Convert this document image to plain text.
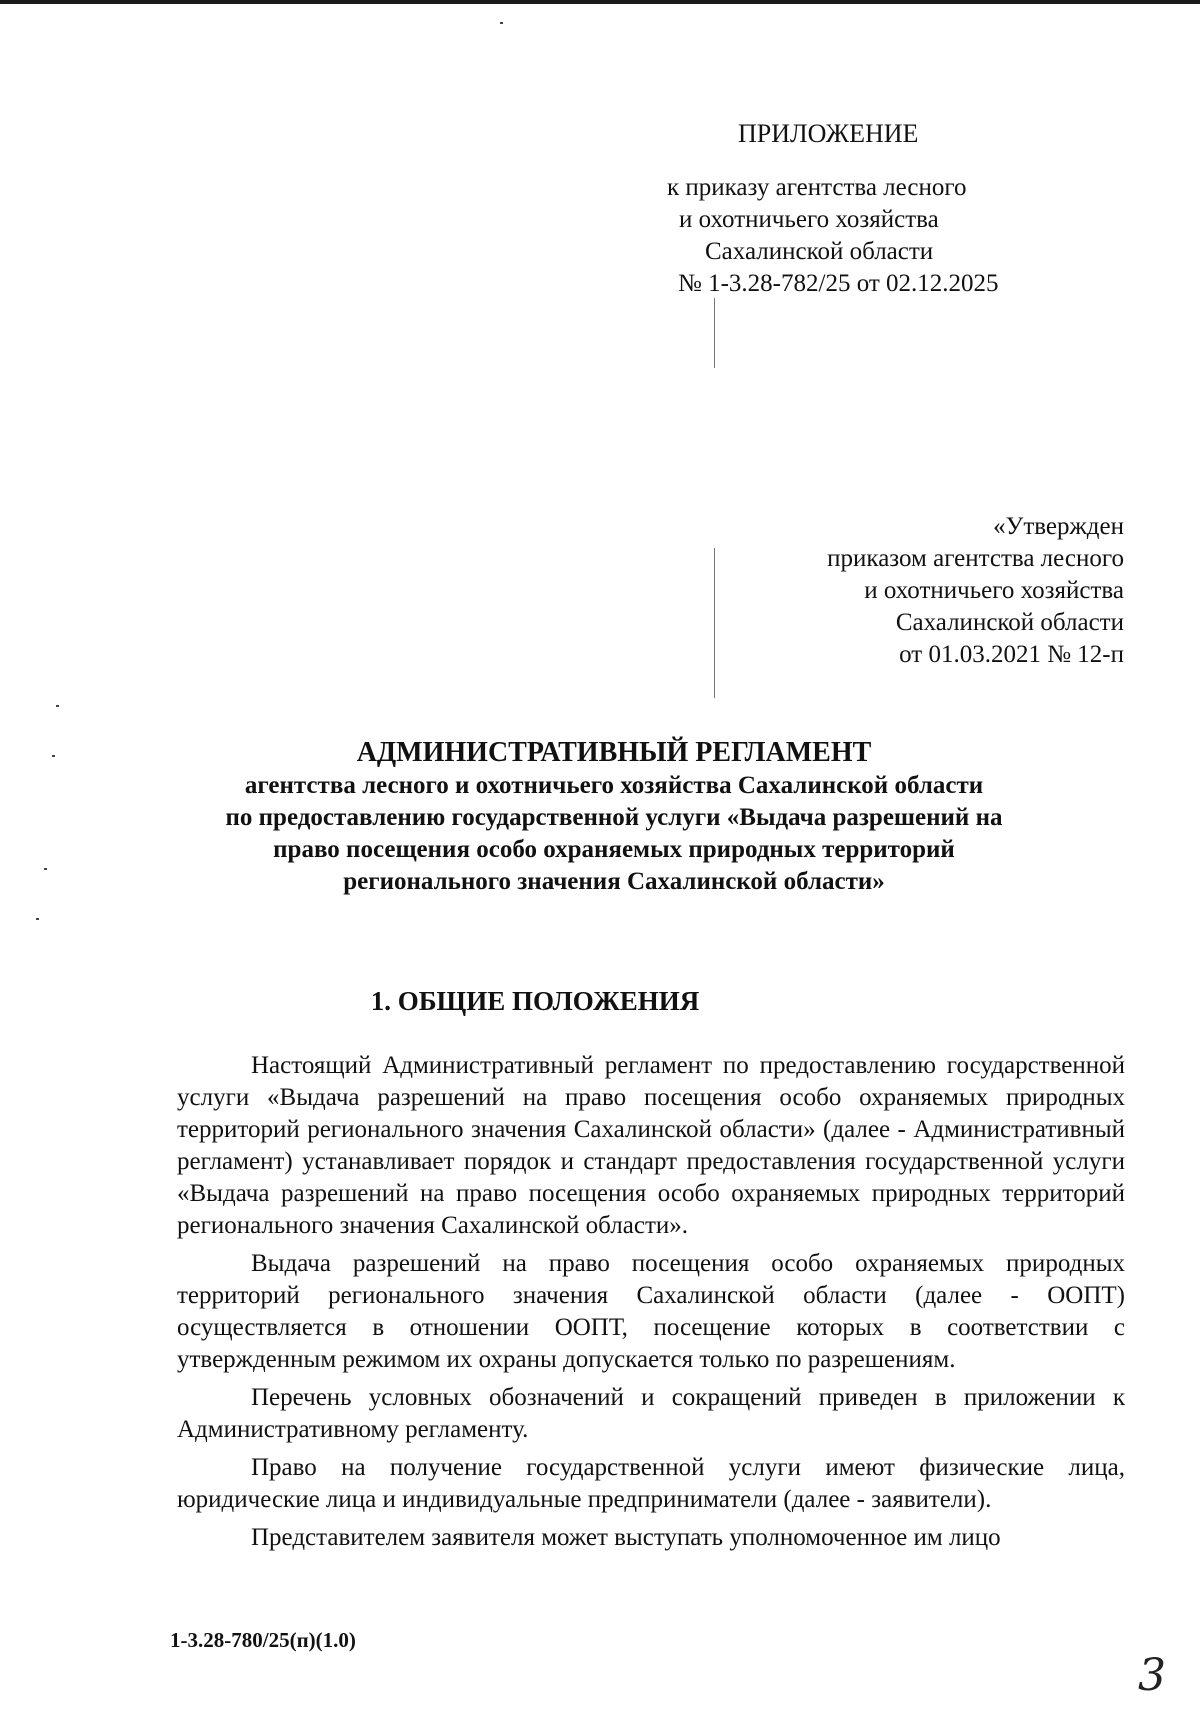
ПРИЛОЖЕНИЕ
к приказу агентства лесного
и охотничьего хозяйства
Сахалинской области
№ 1-3.28-782/25 от 02.12.2025
«Утвержден
приказом агентства лесного
и охотничьего хозяйства
Сахалинской области
от 01.03.2021 № 12-п
АДМИНИСТРАТИВНЫЙ РЕГЛАМЕНТ
агентства лесного и охотничьего хозяйства Сахалинской области
по предоставлению государственной услуги «Выдача разрешений на
право посещения особо охраняемых природных территорий
регионального значения Сахалинской области»
1. ОБЩИЕ ПОЛОЖЕНИЯ

Настоящий Административный регламент по предоставлению государственной услуги «Выдача разрешений на право посещения особо охраняемых природных территорий регионального значения Сахалинской области» (далее - Административный регламент) устанавливает порядок и стандарт предоставления государственной услуги «Выдача разрешений на право посещения особо охраняемых природных территорий регионального значения Сахалинской области».

Выдача разрешений на право посещения особо охраняемых природных территорий регионального значения Сахалинской области (далее - ООПТ) осуществляется в отношении ООПТ, посещение которых в соответствии с утвержденным режимом их охраны допускается только по разрешениям.

Перечень условных обозначений и сокращений приведен в приложении к Административному регламенту.

Право на получение государственной услуги имеют физические лица, юридические лица и индивидуальные предприниматели (далее - заявители).

Представителем заявителя может выступать уполномоченное им лицо

1-3.28-780/25(п)(1.0)
3
